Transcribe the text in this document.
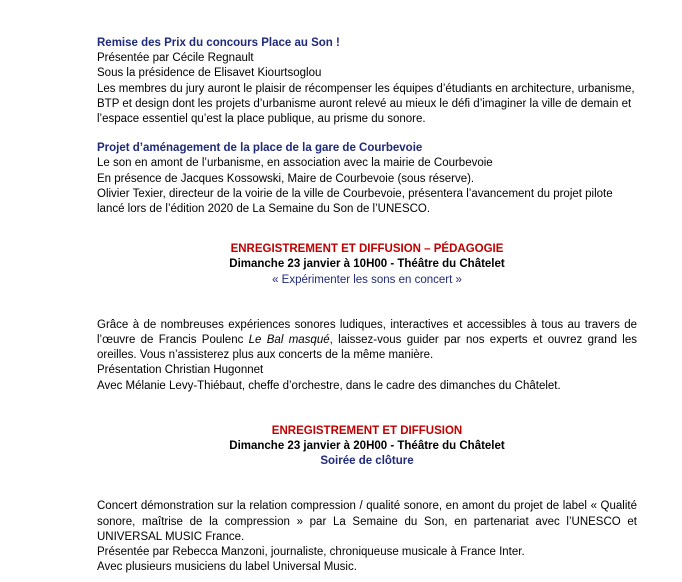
Remise des Prix du concours Place au Son !
Présentée par Cécile Regnault
Sous la présidence de Elisavet Kiourtsoglou
Les membres du jury auront le plaisir de récompenser les équipes d’étudiants en architecture, urbanisme,
BTP et design dont les projets d’urbanisme auront relevé au mieux le défi d’imaginer la ville de demain et
l’espace essentiel qu’est la place publique, au prisme du sonore.
Projet d’aménagement de la place de la gare de Courbevoie
Le son en amont de l’urbanisme, en association avec la mairie de Courbevoie
En présence de Jacques Kossowski, Maire de Courbevoie (sous réserve).
Olivier Texier, directeur de la voirie de la ville de Courbevoie, présentera l’avancement du projet pilote
lancé lors de l’édition 2020 de La Semaine du Son de l’UNESCO.
ENREGISTREMENT ET DIFFUSION – PÉDAGOGIE
Dimanche 23 janvier à 10H00 - Théâtre du Châtelet
« Expérimenter les sons en concert »
Grâce à de nombreuses expériences sonores ludiques, interactives et accessibles à tous au travers de l’œuvre de Francis Poulenc Le Bal masqué, laissez-vous guider par nos experts et ouvrez grand les oreilles. Vous n’assisterez plus aux concerts de la même manière.
Présentation Christian Hugonnet
Avec Mélanie Levy-Thiébaut, cheffe d’orchestre, dans le cadre des dimanches du Châtelet.
ENREGISTREMENT ET DIFFUSION
Dimanche 23 janvier à 20H00 - Théâtre du Châtelet
Soirée de clôture
Concert démonstration sur la relation compression / qualité sonore, en amont du projet de label « Qualité sonore, maîtrise de la compression » par La Semaine du Son, en partenariat avec l’UNESCO et UNIVERSAL MUSIC France.
Présentée par Rebecca Manzoni, journaliste, chroniqueuse musicale à France Inter.
Avec plusieurs musiciens du label Universal Music.
